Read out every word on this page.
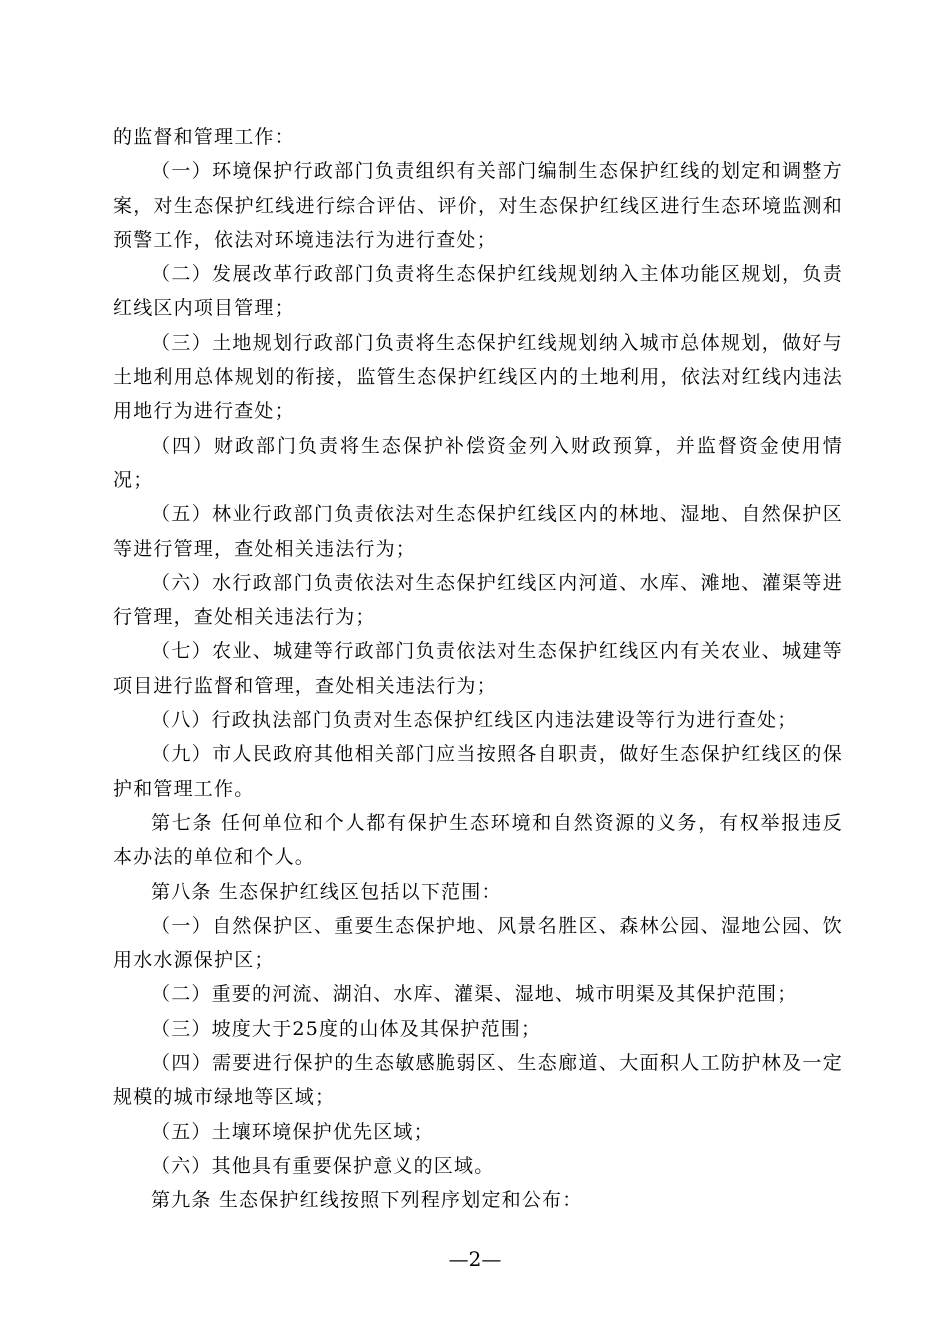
的监督和管理工作：

（一）环境保护行政部门负责组织有关部门编制生态保护红线的划定和调整方案，对生态保护红线进行综合评估、评价，对生态保护红线区进行生态环境监测和预警工作，依法对环境违法行为进行查处；

（二）发展改革行政部门负责将生态保护红线规划纳入主体功能区规划，负责红线区内项目管理；

（三）土地规划行政部门负责将生态保护红线规划纳入城市总体规划，做好与土地利用总体规划的衔接，监管生态保护红线区内的土地利用，依法对红线内违法用地行为进行查处；

（四）财政部门负责将生态保护补偿资金列入财政预算，并监督资金使用情况；

（五）林业行政部门负责依法对生态保护红线区内的林地、湿地、自然保护区等进行管理，查处相关违法行为；

（六）水行政部门负责依法对生态保护红线区内河道、水库、滩地、灌渠等进行管理，查处相关违法行为；

（七）农业、城建等行政部门负责依法对生态保护红线区内有关农业、城建等项目进行监督和管理，查处相关违法行为；

（八）行政执法部门负责对生态保护红线区内违法建设等行为进行查处；

（九）市人民政府其他相关部门应当按照各自职责，做好生态保护红线区的保护和管理工作。

第七条 任何单位和个人都有保护生态环境和自然资源的义务，有权举报违反本办法的单位和个人。

第八条 生态保护红线区包括以下范围：

（一）自然保护区、重要生态保护地、风景名胜区、森林公园、湿地公园、饮用水水源保护区；

（二）重要的河流、湖泊、水库、灌渠、湿地、城市明渠及其保护范围；

（三）坡度大于25度的山体及其保护范围；

（四）需要进行保护的生态敏感脆弱区、生态廊道、大面积人工防护林及一定规模的城市绿地等区域；

（五）土壤环境保护优先区域；

（六）其他具有重要保护意义的区域。

第九条 生态保护红线按照下列程序划定和公布：

—2—
